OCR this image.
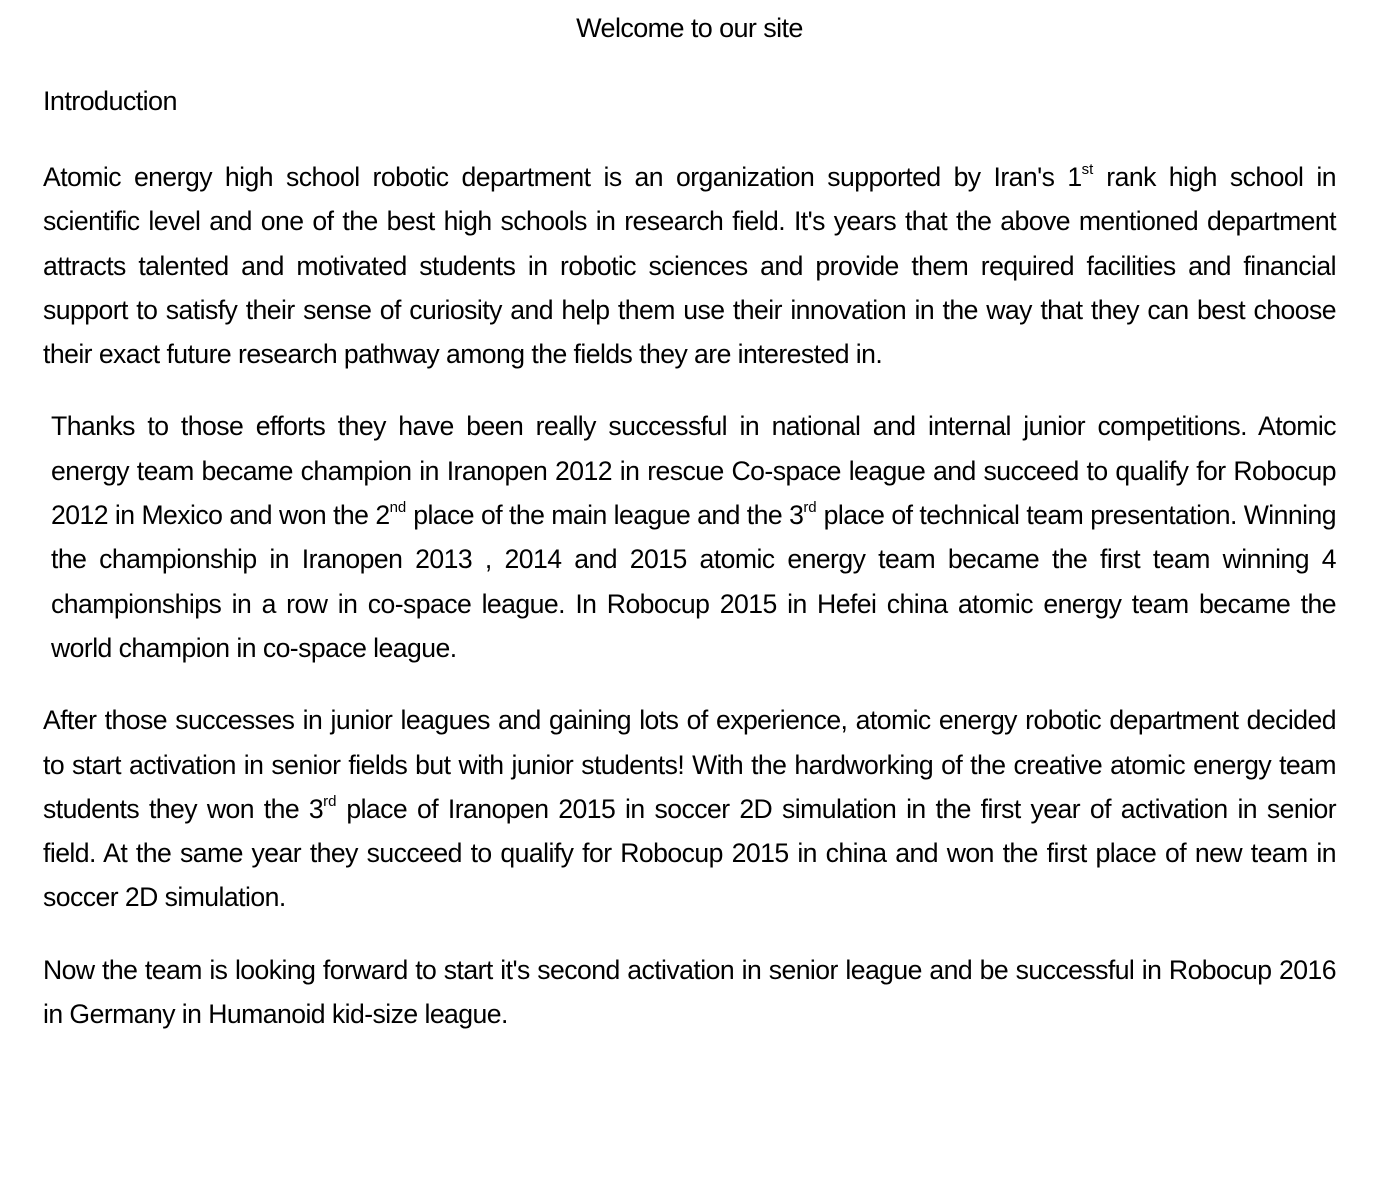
Welcome to our site
Introduction

Atomic energy high school robotic department is an organization supported by Iran's 1st rank high school in scientific level and one of the best high schools in research field. It's years that the above mentioned department attracts talented and motivated students in robotic sciences and provide them required facilities and financial support to satisfy their sense of curiosity and help them use their innovation in the way that they can best choose their exact future research pathway among the fields they are interested in.

Thanks to those efforts they have been really successful in national and internal junior competitions. Atomic energy team became champion in Iranopen 2012 in rescue Co-space league and succeed to qualify for Robocup 2012 in Mexico and won the 2nd place of the main league and the 3rd place of technical team presentation. Winning the championship in Iranopen 2013 , 2014 and 2015 atomic energy team became the first team winning 4 championships in a row in co-space league. In Robocup 2015 in Hefei china atomic energy team became the world champion in co-space league.

After those successes in junior leagues and gaining lots of experience, atomic energy robotic department decided to start activation in senior fields but with junior students! With the hardworking of the creative atomic energy team students they won the 3rd place of Iranopen 2015 in soccer 2D simulation in the first year of activation in senior field. At the same year they succeed to qualify for Robocup 2015 in china and won the first place of new team in soccer 2D simulation.

Now the team is looking forward to start it's second activation in senior league and be successful in Robocup 2016 in Germany in Humanoid kid-size league.
